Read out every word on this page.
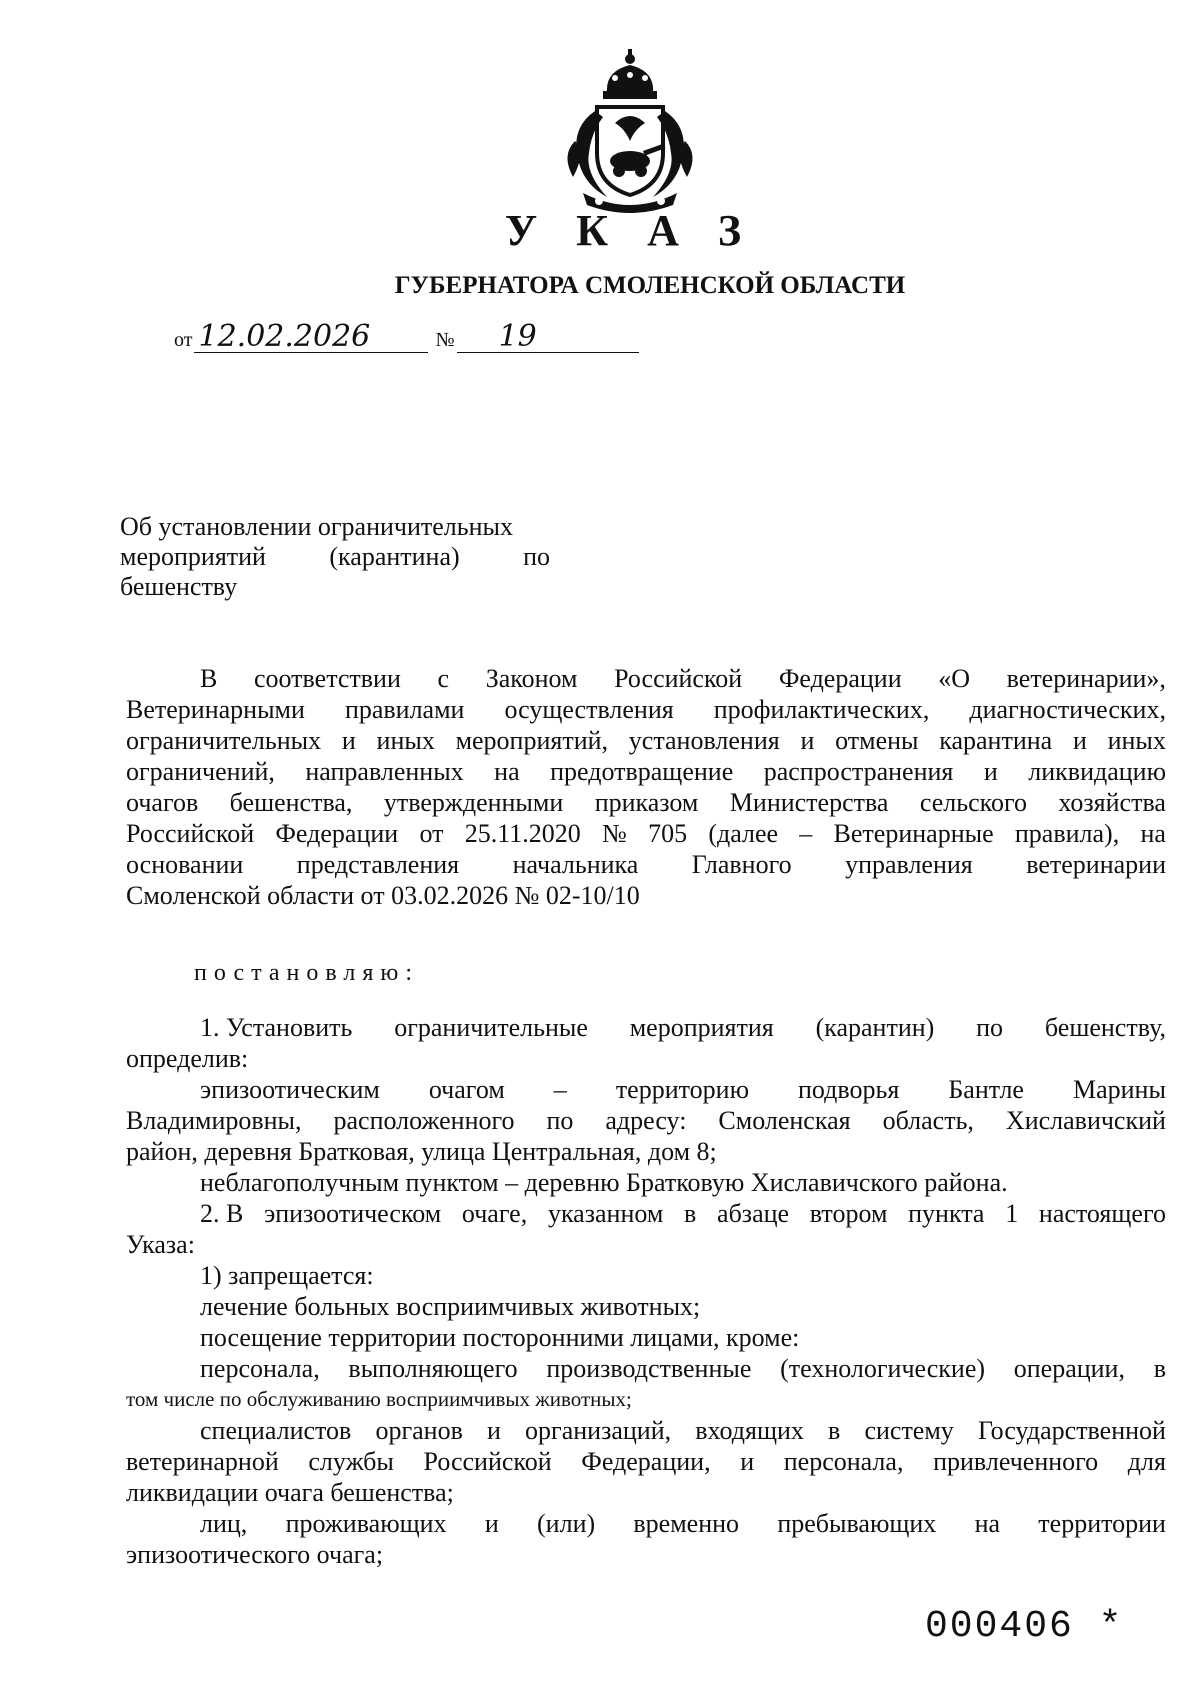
У К А З
ГУБЕРНАТОРА СМОЛЕНСКОЙ ОБЛАСТИ
от 12.02.2026	№ 19
Об установлении ограничительных
мероприятий (карантина) по
бешенству
В соответствии с Законом Российской Федерации «О ветеринарии»,
Ветеринарными правилами осуществления профилактических, диагностических,
ограничительных и иных мероприятий, установления и отмены карантина и иных
ограничений, направленных на предотвращение распространения и ликвидацию
очагов бешенства, утвержденными приказом Министерства сельского хозяйства
Российской Федерации от 25.11.2020 № 705 (далее – Ветеринарные правила), на
основании представления начальника Главного управления ветеринарии
Смоленской области от 03.02.2026 № 02-10/10
постановляю:
1. Установить ограничительные мероприятия (карантин) по бешенству,
определив:
эпизоотическим очагом – территорию подворья Бантле Марины
Владимировны, расположенного по адресу: Смоленская область, Хиславичский
район, деревня Братковая, улица Центральная, дом 8;
неблагополучным пунктом – деревню Братковую Хиславичского района.
2. В эпизоотическом очаге, указанном в абзаце втором пункта 1 настоящего
Указа:
1) запрещается:
лечение больных восприимчивых животных;
посещение территории посторонними лицами, кроме:
персонала, выполняющего производственные (технологические) операции, в
том числе по обслуживанию восприимчивых животных;
специалистов органов и организаций, входящих в систему Государственной
ветеринарной службы Российской Федерации, и персонала, привлеченного для
ликвидации очага бешенства;
лиц, проживающих и (или) временно пребывающих на территории
эпизоотического очага;
000406 *
